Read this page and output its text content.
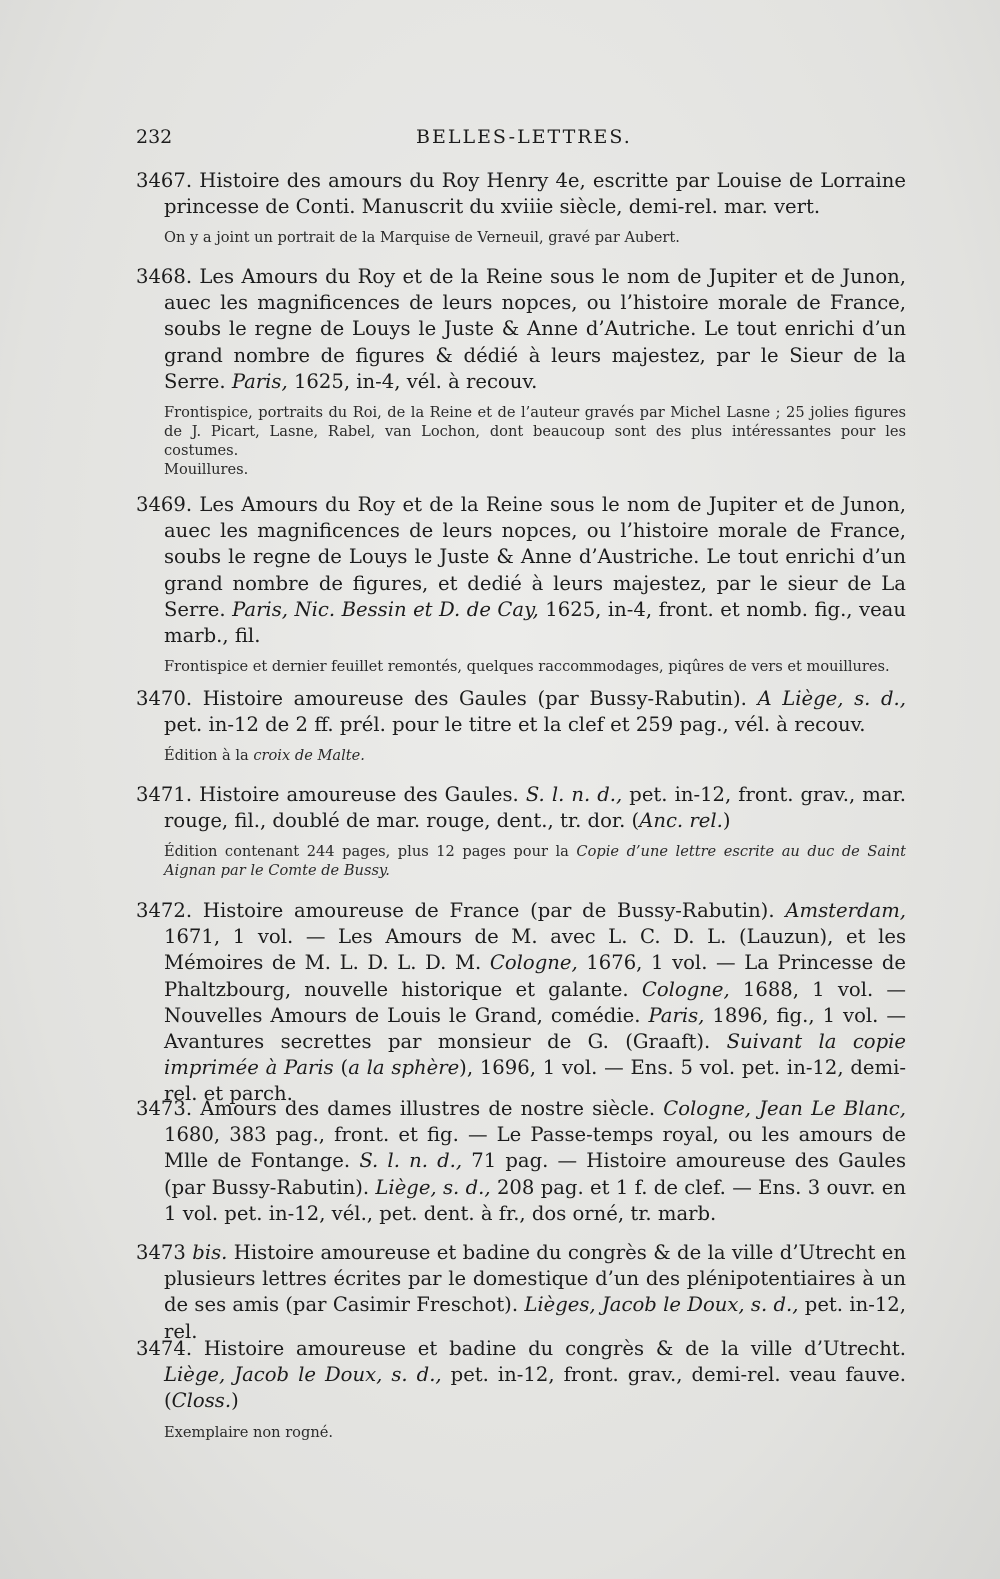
232	BELLES-LETTRES.

3467. Histoire des amours du Roy Henry 4e, escritte par Louise de Lorraine princesse de Conti. Manuscrit du xviiie siècle, demi-rel. mar. vert.

On y a joint un portrait de la Marquise de Verneuil, gravé par Aubert.

3468. Les Amours du Roy et de la Reine sous le nom de Jupiter et de Junon, auec les magnificences de leurs nopces, ou l’histoire morale de France, soubs le regne de Louys le Juste & Anne d’Autriche. Le tout enrichi d’un grand nombre de figures & dédié à leurs majestez, par le Sieur de la Serre. Paris, 1625, in-4, vél. à recouv.

Frontispice, portraits du Roi, de la Reine et de l’auteur gravés par Michel Lasne ; 25 jolies figures de J. Picart, Lasne, Rabel, van Lochon, dont beaucoup sont des plus intéressantes pour les costumes.

Mouillures.

3469. Les Amours du Roy et de la Reine sous le nom de Jupiter et de Junon, auec les magnificences de leurs nopces, ou l’histoire morale de France, soubs le regne de Louys le Juste & Anne d’Austriche. Le tout enrichi d’un grand nombre de figures, et dedié à leurs majestez, par le sieur de La Serre. Paris, Nic. Bessin et D. de Cay, 1625, in-4, front. et nomb. fig., veau marb., fil.

Frontispice et dernier feuillet remontés, quelques raccommodages, piqûres de vers et mouillures.

3470. Histoire amoureuse des Gaules (par Bussy-Rabutin). A Liège, s. d., pet. in-12 de 2 ff. prél. pour le titre et la clef et 259 pag., vél. à recouv.

Édition à la croix de Malte.

3471. Histoire amoureuse des Gaules. S. l. n. d., pet. in-12, front. grav., mar. rouge, fil., doublé de mar. rouge, dent., tr. dor. (Anc. rel.)

Édition contenant 244 pages, plus 12 pages pour la Copie d’une lettre escrite au duc de Saint Aignan par le Comte de Bussy.

3472. Histoire amoureuse de France (par de Bussy-Rabutin). Amsterdam, 1671, 1 vol. — Les Amours de M. avec L. C. D. L. (Lauzun), et les Mémoires de M. L. D. L. D. M. Cologne, 1676, 1 vol. — La Princesse de Phaltzbourg, nouvelle historique et galante. Cologne, 1688, 1 vol. — Nouvelles Amours de Louis le Grand, comédie. Paris, 1896, fig., 1 vol. — Avantures secrettes par monsieur de G. (Graaft). Suivant la copie imprimée à Paris (a la sphère), 1696, 1 vol. — Ens. 5 vol. pet. in-12, demi-rel. et parch.

3473. Amours des dames illustres de nostre siècle. Cologne, Jean Le Blanc, 1680, 383 pag., front. et fig. — Le Passe-temps royal, ou les amours de Mlle de Fontange. S. l. n. d., 71 pag. — Histoire amoureuse des Gaules (par Bussy-Rabutin). Liège, s. d., 208 pag. et 1 f. de clef. — Ens. 3 ouvr. en 1 vol. pet. in-12, vél., pet. dent. à fr., dos orné, tr. marb.

3473 bis. Histoire amoureuse et badine du congrès & de la ville d’Utrecht en plusieurs lettres écrites par le domestique d’un des plénipotentiaires à un de ses amis (par Casimir Freschot). Lièges, Jacob le Doux, s. d., pet. in-12, rel.

3474. Histoire amoureuse et badine du congrès & de la ville d’Utrecht. Liège, Jacob le Doux, s. d., pet. in-12, front. grav., demi-rel. veau fauve. (Closs.)

Exemplaire non rogné.
